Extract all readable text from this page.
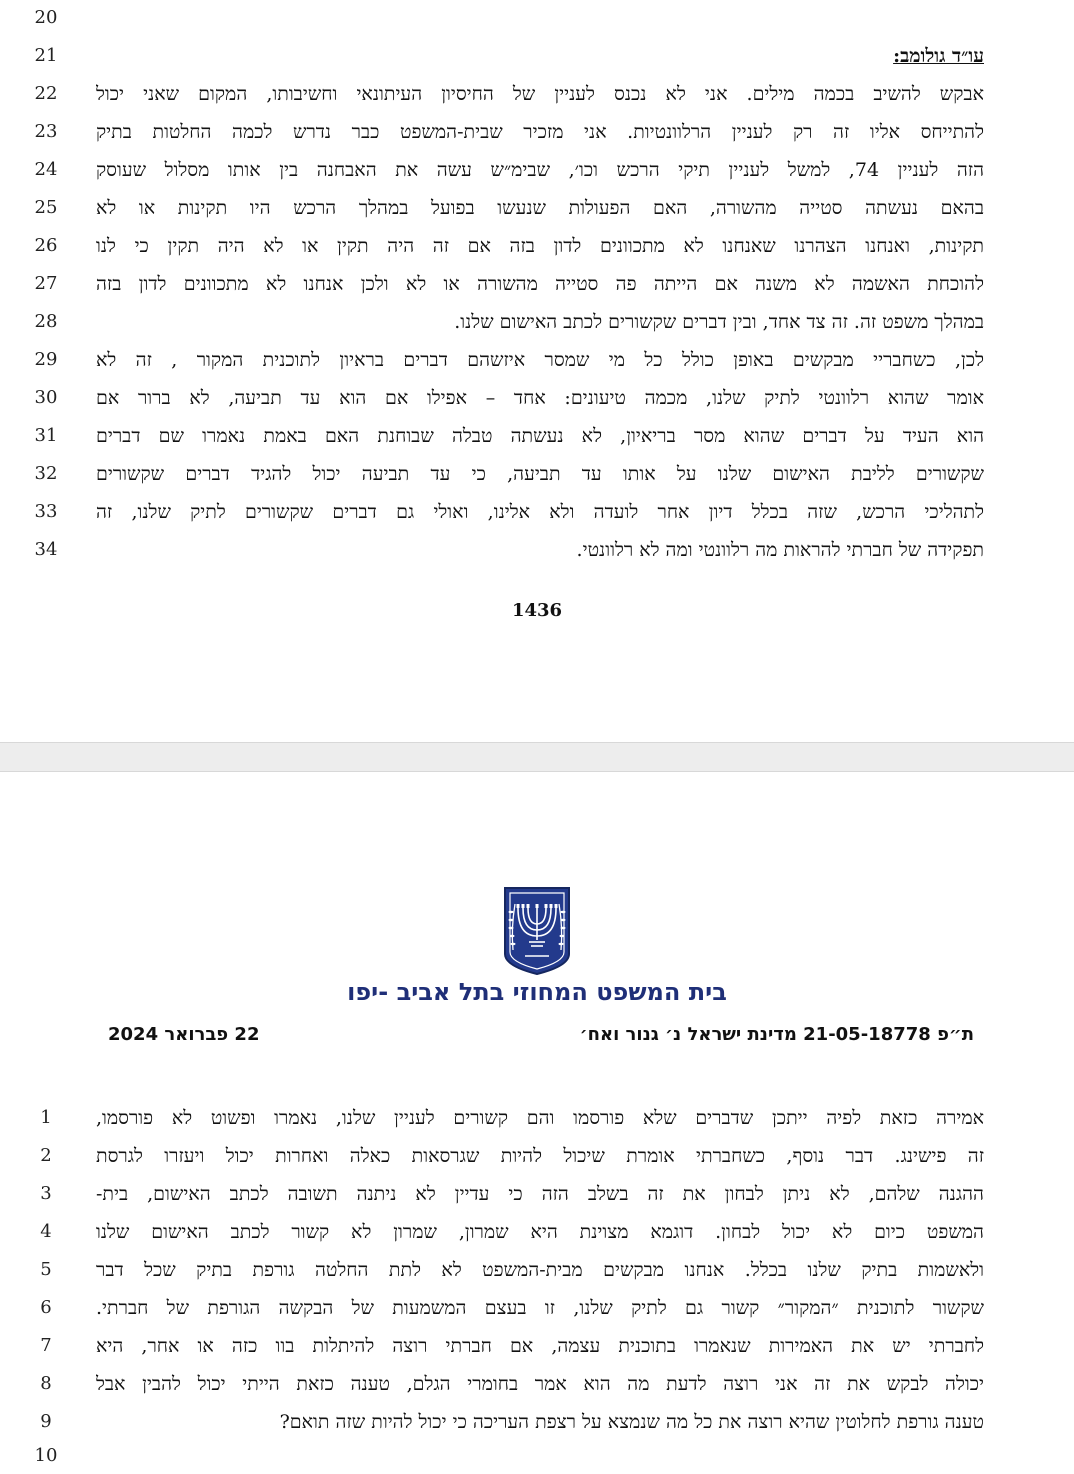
20
21	עו״ד גולומב:
22	אבקש להשיב בכמה מילים. אני לא נכנס לעניין של החיסיון העיתונאי וחשיבותו, המקום שאני יכול
23	להתייחס אליו זה רק לעניין הרלוונטיות. אני מזכיר שבית-המשפט כבר נדרש לכמה החלטות בתיק
24	הזה לעניין 74, למשל לעניין תיקי הרכש וכו׳, שבימ״ש עשה את האבחנה בין אותו מסלול שעוסק
25	בהאם נעשתה סטייה מהשורה, האם הפעולות שנעשו בפועל במהלך הרכש היו תקינות או לא
26	תקינות, ואנחנו הצהרנו שאנחנו לא מתכוונים לדון בזה אם זה היה תקין או לא היה תקין כי לנו
27	להוכחת האשמה לא משנה אם הייתה פה סטייה מהשורה או לא ולכן אנחנו לא מתכוונים לדון בזה
28	במהלך משפט זה. זה צד אחד, ובין דברים שקשורים לכתב האישום שלנו.
29	לכן, כשחבריי מבקשים באופן כולל כל מי שמסר איזשהם דברים בראיון לתוכנית המקור , זה לא
30	אומר שהוא רלוונטי לתיק שלנו, מכמה טיעונים: אחד – אפילו אם הוא עד תביעה, לא ברור אם
31	הוא העיד על דברים שהוא מסר בריאיון, לא נעשתה טבלה שבוחנת האם באמת נאמרו שם דברים
32	שקשורים לליבת האישום שלנו על אותו עד תביעה, כי עד תביעה יכול להגיד דברים שקשורים
33	לתהליכי הרכש, שזה בכלל דיון אחר לועדה ולא אלינו, ואולי גם דברים שקשורים לתיק שלנו, זה
34	תפקידה של חברתי להראות מה רלוונטי ומה לא רלוונטי.
1436
בית המשפט המחוזי בתל אביב -יפו
ת״פ 21-05-18778 מדינת ישראל נ׳ גנור ואח׳
22 פברואר 2024
1	אמירה כזאת לפיה ייתכן שדברים שלא פורסמו והם קשורים לעניין שלנו, נאמרו ופשוט לא פורסמו,
2	זה פישינג. דבר נוסף, כשחברתי אומרת שיכול להיות שגרסאות כאלה ואחרות יכול ויעזרו לגרסת
3	ההגנה שלהם, לא ניתן לבחון את זה בשלב הזה כי עדיין לא ניתנה תשובה לכתב האישום, בית-
4	המשפט כיום לא יכול לבחון. דוגמא מצוינת היא שמרון, שמרון לא קשור לכתב האישום שלנו
5	ולאשמות בתיק שלנו בכלל. אנחנו מבקשים מבית-המשפט לא לתת החלטה גורפת בתיק שכל דבר
6	שקשור לתוכנית ״המקור״ קשור גם לתיק שלנו, זו בעצם המשמעות של הבקשה הגורפת של חברתי.
7	לחברתי יש את האמירות שנאמרו בתוכנית עצמה, אם חברתי רוצה להיתלות בוו כזה או אחר, היא
8	יכולה לבקש את זה אני רוצה לדעת מה הוא אמר בחומרי הגלם, טענה כזאת הייתי יכול להבין אבל
9	טענה גורפת לחלוטין שהיא רוצה את כל מה שנמצא על רצפת העריכה כי יכול להיות שזה תואם?
10
